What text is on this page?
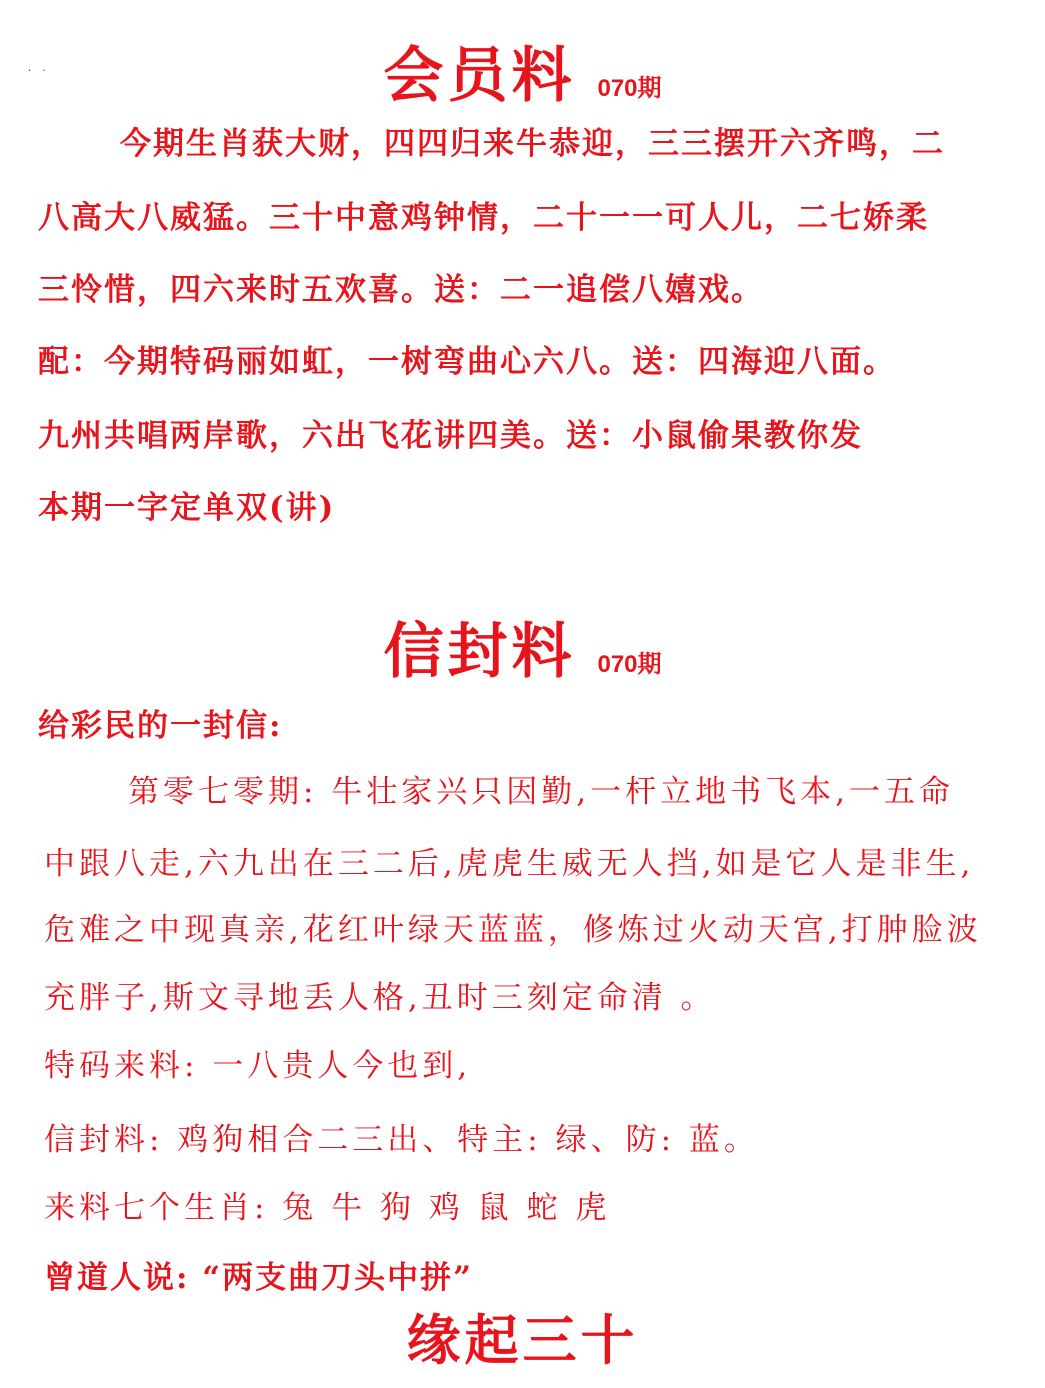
· ·	会员料 070期
今期生肖获大财，四四归来牛恭迎，三三摆开六齐鸣，二
八高大八威猛。三十中意鸡钟情，二十一一可人儿，二七娇柔
三怜惜，四六来时五欢喜。送：二一追偿八嬉戏。
配：今期特码丽如虹，一树弯曲心六八。送：四海迎八面。
九州共唱两岸歌，六出飞花讲四美。送：小鼠偷果教你发
本期一字定单双(讲)
信封料 070期
给彩民的一封信:
第零七零期: 牛壮家兴只因勤,一杆立地书飞本,一五命
中跟八走,六九出在三二后,虎虎生威无人挡,如是它人是非生,
危难之中现真亲,花红叶绿天蓝蓝，修炼过火动天宫,打肿脸波
充胖子,斯文寻地丢人格,丑时三刻定命清 。
特码来料: 一八贵人今也到,
信封料: 鸡狗相合二三出、特主: 绿、防: 蓝。
来料七个生肖: 兔 牛 狗 鸡 鼠 蛇 虎
曾道人说: “两支曲刀头中拼”
缘起三十
